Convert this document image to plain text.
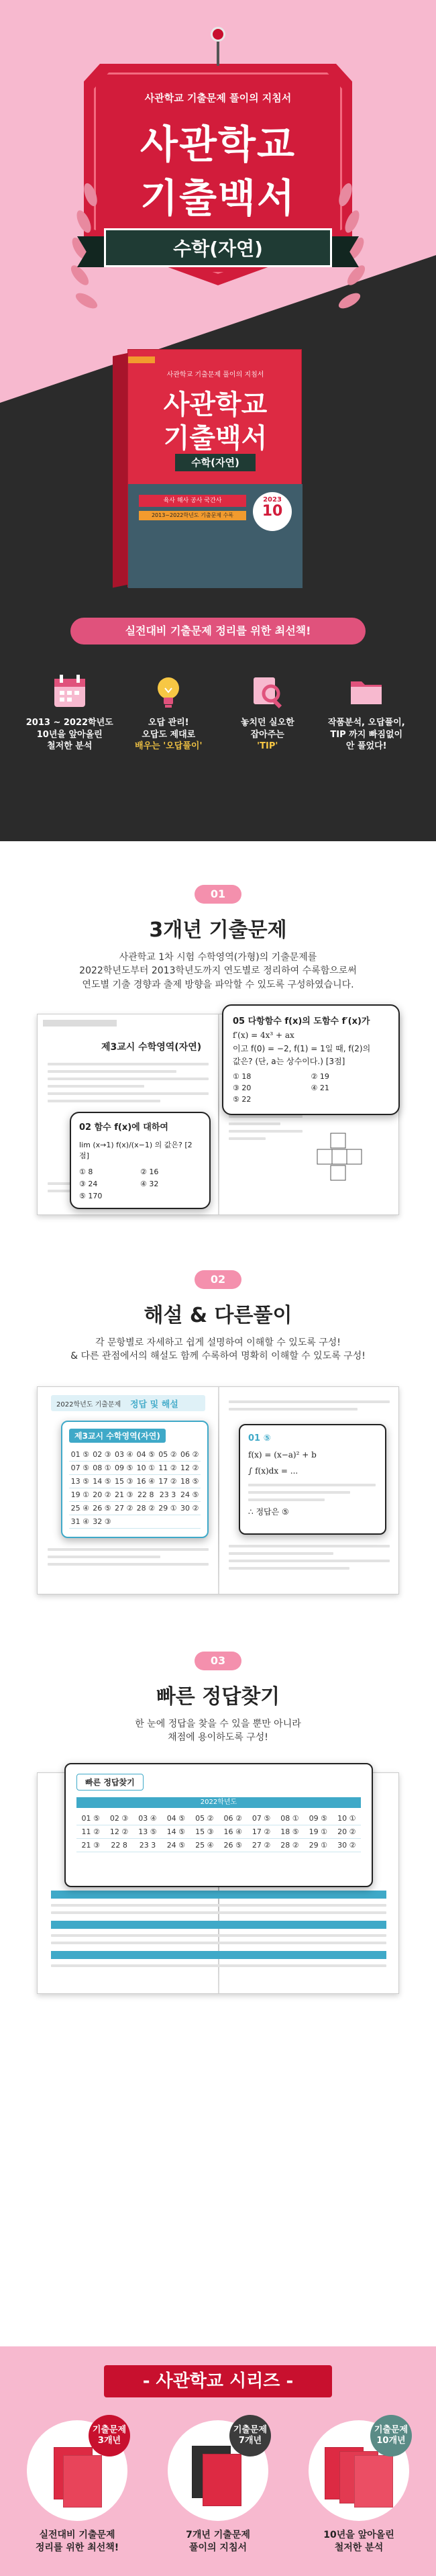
사관학교 기출문제 풀이의 지침서
사관학교
기출백서
수학(자연)
사관학교 기출문제 풀이의 지침서
사관학교
기출백서
수학(자연)
육사 해사 공사 국간사
2013~2022학년도 기출문제 수록
2023
10
실전대비 기출문제 정리를 위한 최선책!
2013 ~ 2022학년도
10년을 앞아올린
철저한 분석
오답 관리!
오답도 제대로
배우는 '오답풀이'
놓치던 실오한
잡아주는
'TIP'
작품분석, 오답풀이,
TIP 까지 빠짐없이
안 풀었다!
01
3개년 기출문제
사관학교 1차 시험 수학영역(가형)의 기출문제를
2022학년도부터 2013학년도까지 연도별로 정리하여 수록함으로써
연도별 기출 경향과 출제 방향을 파악할 수 있도록 구성하였습니다.
제3교시 수학영역(자연)
02 함수 f(x)에 대하여
lim (x→1) f(x)/(x−1) 의 값은? [2점]
① 8	② 16
③ 24	④ 32
⑤ 170
05 다항함수 f(x)의 도함수 f′(x)가
f′(x) = 4x³ + ax
이고 f(0) = −2, f(1) = 1일 때, f(2)의
값은? (단, a는 상수이다.) [3점]
① 18	② 19
③ 20	④ 21
⑤ 22
02
해설 & 다른풀이
각 문항별로 자세하고 쉽게 설명하여 이해할 수 있도록 구성!
& 다른 관점에서의 해설도 함께 수록하여 명확히 이해할 수 있도록 구성!
2022학년도 기출문제 정답 및 해설
제3교시 수학영역(자연)
01 ⑤	02 ③	03 ④	04 ⑤	05 ②	06 ②
07 ⑤	08 ①	09 ⑤	10 ①	11 ②	12 ②
13 ⑤	14 ⑤	15 ③	16 ④	17 ②	18 ⑤
19 ①	20 ②	21 ③	22 8	23 3	24 ⑤
25 ④	26 ⑤	27 ②	28 ②	29 ①	30 ②
31 ④	32 ③				
01 ⑤
f(x) = (x−a)² + b
∫ f(x)dx = ...
∴ 정답은 ⑤
03
빠른 정답찾기
한 눈에 정답을 찾을 수 있을 뿐만 아니라
채점에 용이하도록 구성!
빠른 정답찾기
2022학년도
01 ⑤	02 ③	03 ④	04 ⑤	05 ②	06 ②	07 ⑤	08 ①	09 ⑤	10 ①
11 ②	12 ②	13 ⑤	14 ⑤	15 ③	16 ④	17 ②	18 ⑤	19 ①	20 ②
21 ③	22 8	23 3	24 ⑤	25 ④	26 ⑤	27 ②	28 ②	29 ①	30 ②
- 사관학교 시리즈 -
기출문제 3개년
실전대비 기출문제
정리를 위한 최선책!
기출문제 7개년
7개년 기출문제
풀이의 지침서
기출문제 10개년
10년을 앞아올린
철저한 분석
